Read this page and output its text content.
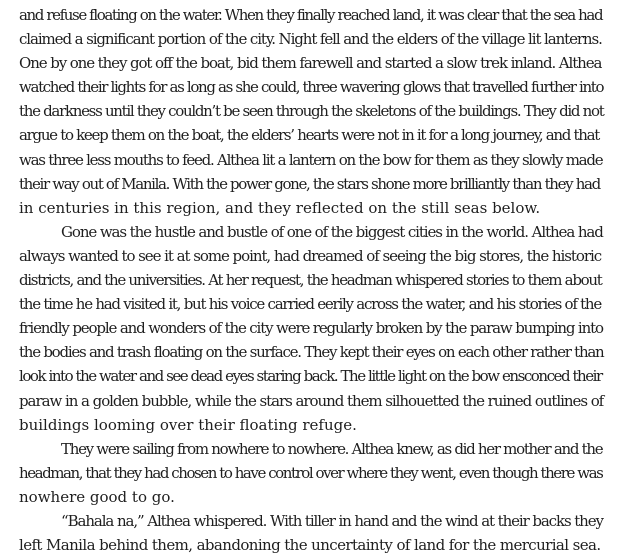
and refuse floating on the water. When they finally reached land, it was clear that the sea had
claimed a significant portion of the city. Night fell and the elders of the village lit lanterns.
One by one they got off the boat, bid them farewell and started a slow trek inland. Althea
watched their lights for as long as she could, three wavering glows that travelled further into
the darkness until they couldn’t be seen through the skeletons of the buildings. They did not
argue to keep them on the boat, the elders’ hearts were not in it for a long journey, and that
was three less mouths to feed. Althea lit a lantern on the bow for them as they slowly made
their way out of Manila. With the power gone, the stars shone more brilliantly than they had
in centuries in this region, and they reflected on the still seas below.

Gone was the hustle and bustle of one of the biggest cities in the world. Althea had
always wanted to see it at some point, had dreamed of seeing the big stores, the historic
districts, and the universities. At her request, the headman whispered stories to them about
the time he had visited it, but his voice carried eerily across the water, and his stories of the
friendly people and wonders of the city were regularly broken by the paraw bumping into
the bodies and trash floating on the surface. They kept their eyes on each other rather than
look into the water and see dead eyes staring back. The little light on the bow ensconced their
paraw in a golden bubble, while the stars around them silhouetted the ruined outlines of
buildings looming over their floating refuge.

They were sailing from nowhere to nowhere. Althea knew, as did her mother and the
headman, that they had chosen to have control over where they went, even though there was
nowhere good to go.

“Bahala na,” Althea whispered. With tiller in hand and the wind at their backs they
left Manila behind them, abandoning the uncertainty of land for the mercurial sea.
